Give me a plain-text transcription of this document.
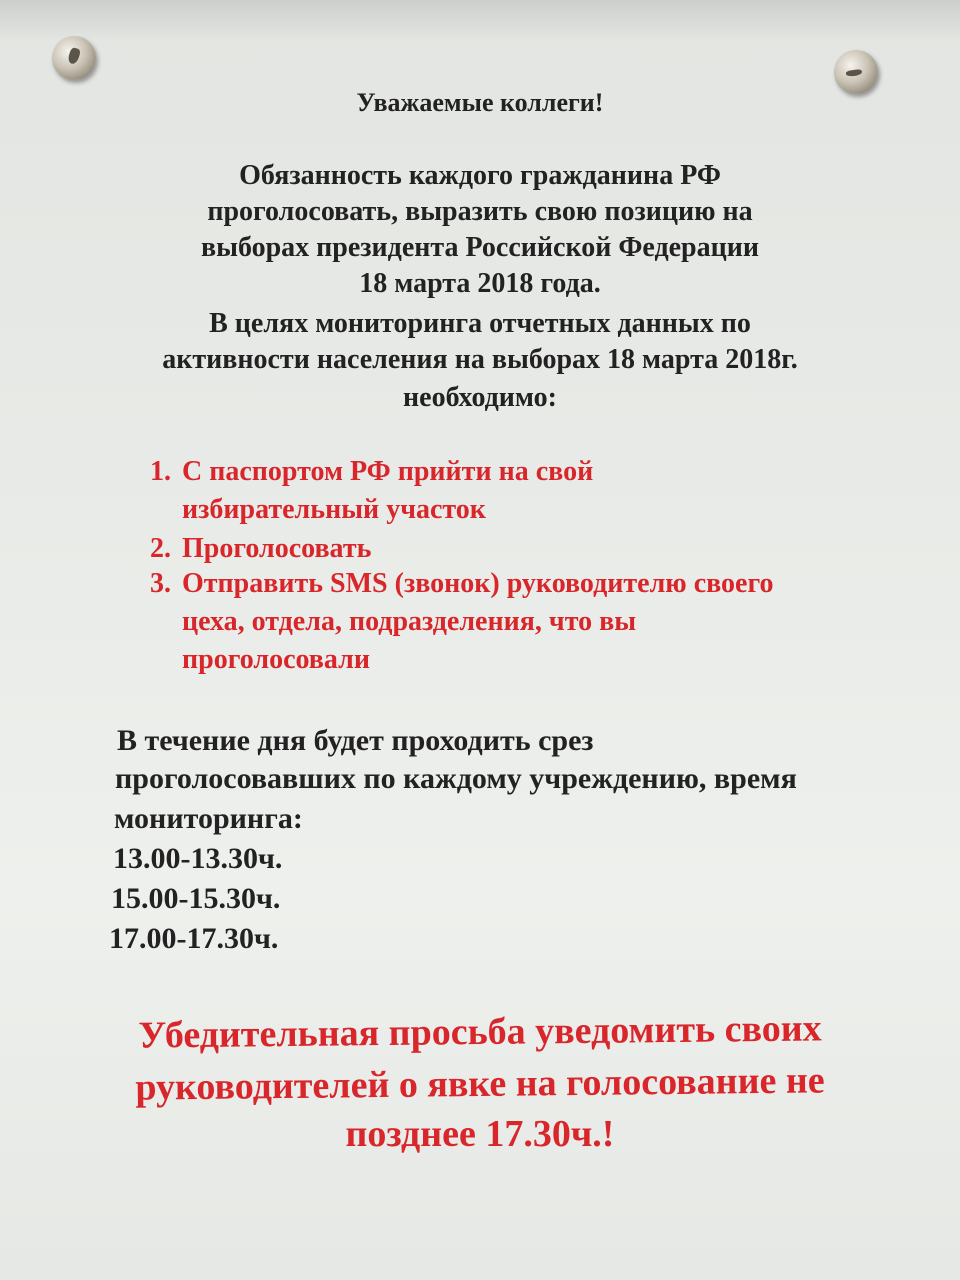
Уважаемые коллеги!

Обязанность каждого гражданина РФ

проголосовать, выразить свою позицию на

выборах президента Российской Федерации

18 марта 2018 года.

В целях мониторинга отчетных данных по

активности населения на выборах 18 марта 2018г.

необходимо:

1. С паспортом РФ прийти на свой

избирательный участок

2. Проголосовать

3. Отправить SMS (звонок) руководителю своего

цеха, отдела, подразделения, что вы

проголосовали

В течение дня будет проходить срез

проголосовавших по каждому учреждению, время

мониторинга:

13.00-13.30ч.

15.00-15.30ч.

17.00-17.30ч.

Убедительная просьба уведомить своих

руководителей о явке на голосование не

позднее 17.30ч.!
